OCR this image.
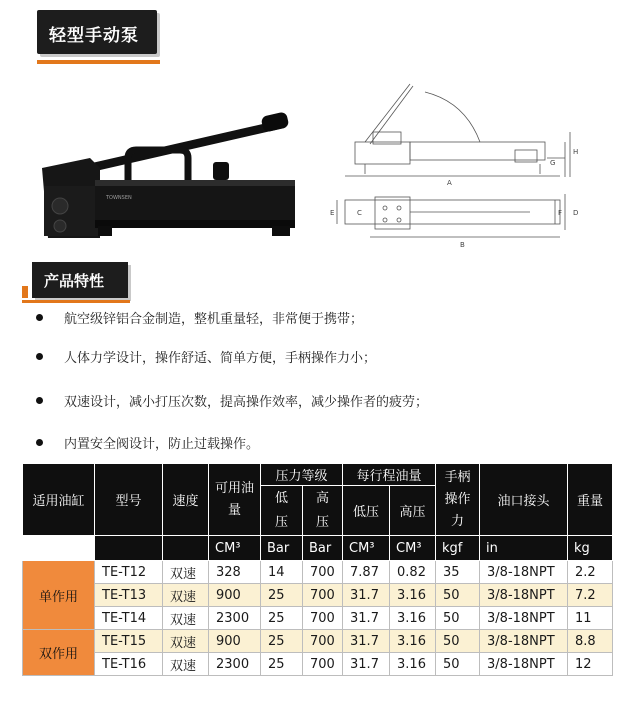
轻型手动泵
TOWNSEN
A
B
C	D
E	F
G
H
产品特性
航空级锌铝合金制造，整机重量轻，非常便于携带；
人体力学设计，操作舒适、简单方便，手柄操作力小；
双速设计，减小打压次数，提高操作效率，减少操作者的疲劳；
内置安全阀设计，防止过载操作。
适用油缸	型号	速度	可用油量	压力等级		每行程油量		手柄操作力	油口接头	重量
				低压	高压	低压	高压			
			CM³	Bar	Bar	CM³	CM³	kgf	in	kg
单作用	TE-T12	双速	328	14	700	7.87	0.82	35	3/8-18NPT	2.2
	TE-T13	双速	900	25	700	31.7	3.16	50	3/8-18NPT	7.2
	TE-T14	双速	2300	25	700	31.7	3.16	50	3/8-18NPT	11
双作用	TE-T15	双速	900	25	700	31.7	3.16	50	3/8-18NPT	8.8
	TE-T16	双速	2300	25	700	31.7	3.16	50	3/8-18NPT	12
